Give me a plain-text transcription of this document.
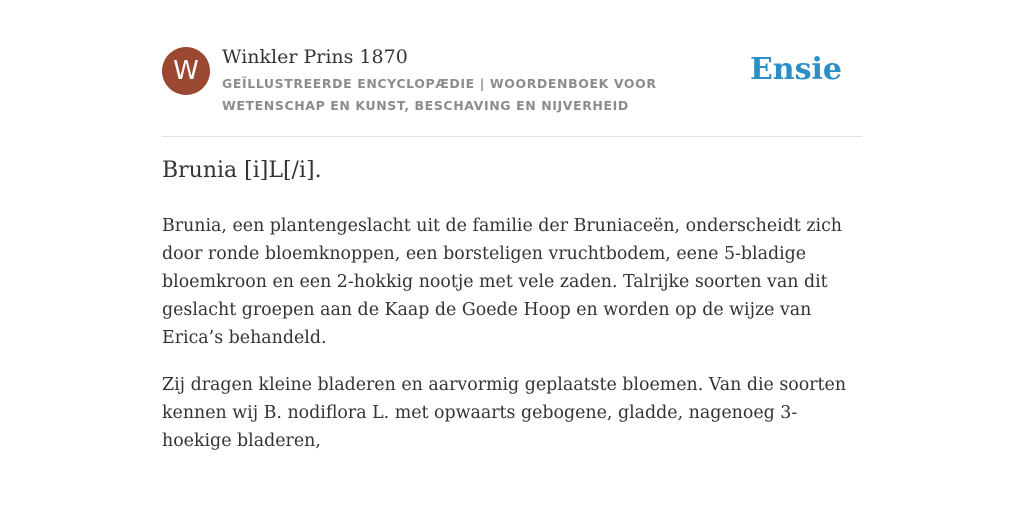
W	Winkler Prins 1870
GEÏLLUSTREERDE ENCYCLOPÆDIE | WOORDENBOEK VOOR WETENSCHAP EN KUNST, BESCHAVING EN NIJVERHEID
Ensie
Brunia [i]L[/i].

Brunia, een plantengeslacht uit de familie der Bruniaceën, onderscheidt zich door ronde bloemknoppen, een borsteligen vruchtbodem, eene 5-bladige bloemkroon en een 2-hokkig nootje met vele zaden. Talrijke soorten van dit geslacht groepen aan de Kaap de Goede Hoop en worden op de wijze van Erica’s behandeld.

Zij dragen kleine bladeren en aarvormig geplaatste bloemen. Van die soorten kennen wij B. nodiflora L. met opwaarts gebogene, gladde, nagenoeg 3-hoekige bladeren,
